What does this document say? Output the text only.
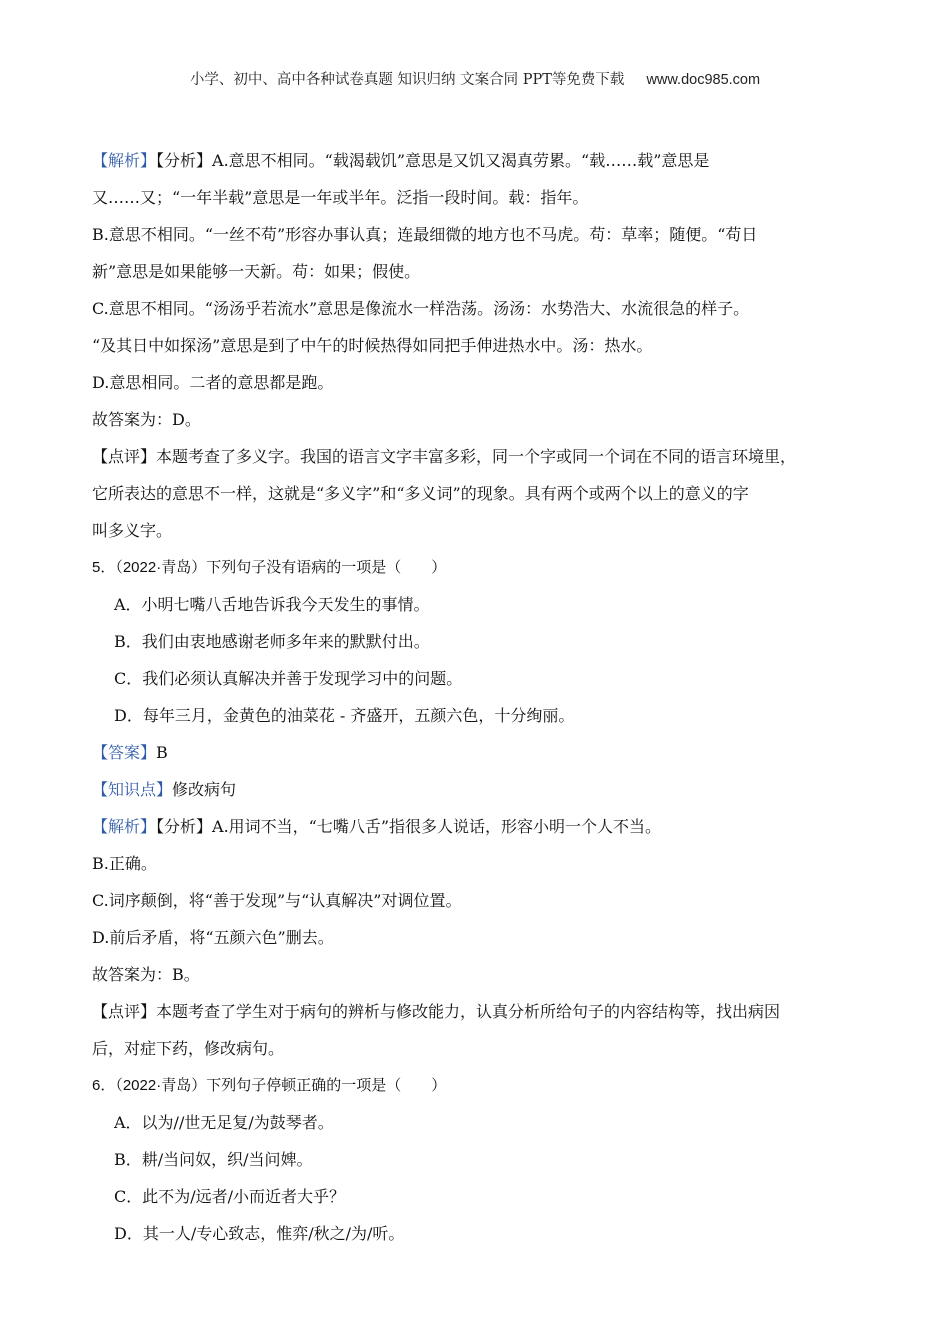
小学、初中、高中各种试卷真题 知识归纳 文案合同 PPT等免费下载 www.doc985.com
【解析】【分析】A.意思不相同。“载渴载饥”意思是又饥又渴真劳累。“载……载”意思是
又……又；“一年半载”意思是一年或半年。泛指一段时间。载：指年。
B.意思不相同。“一丝不苟”形容办事认真；连最细微的地方也不马虎。苟：草率；随便。“苟日
新”意思是如果能够一天新。苟：如果；假使。
C.意思不相同。“汤汤乎若流水”意思是像流水一样浩荡。汤汤：水势浩大、水流很急的样子。
“及其日中如探汤”意思是到了中午的时候热得如同把手伸进热水中。汤：热水。
D.意思相同。二者的意思都是跑。
故答案为：D。
【点评】本题考查了多义字。我国的语言文字丰富多彩，同一个字或同一个词在不同的语言环境里，
它所表达的意思不一样，这就是“多义字”和“多义词”的现象。具有两个或两个以上的意义的字
叫多义字。
5．（2022·青岛）下列句子没有语病的一项是（　　）
A．小明七嘴八舌地告诉我今天发生的事情。
B．我们由衷地感谢老师多年来的默默付出。
C．我们必须认真解决并善于发现学习中的问题。
D．每年三月，金黄色的油菜花 - 齐盛开，五颜六色，十分绚丽。
【答案】B
【知识点】修改病句
【解析】【分析】A.用词不当，“七嘴八舌”指很多人说话，形容小明一个人不当。
B.正确。
C.词序颠倒，将“善于发现”与“认真解决”对调位置。
D.前后矛盾，将“五颜六色”删去。
故答案为：B。
【点评】本题考查了学生对于病句的辨析与修改能力，认真分析所给句子的内容结构等，找出病因
后，对症下药，修改病句。
6．（2022·青岛）下列句子停顿正确的一项是（　　）
A．以为//世无足复/为鼓琴者。
B．耕/当问奴，织/当问婢。
C．此不为/远者/小而近者大乎？
D．其一人/专心致志，惟弈/秋之/为/听。
